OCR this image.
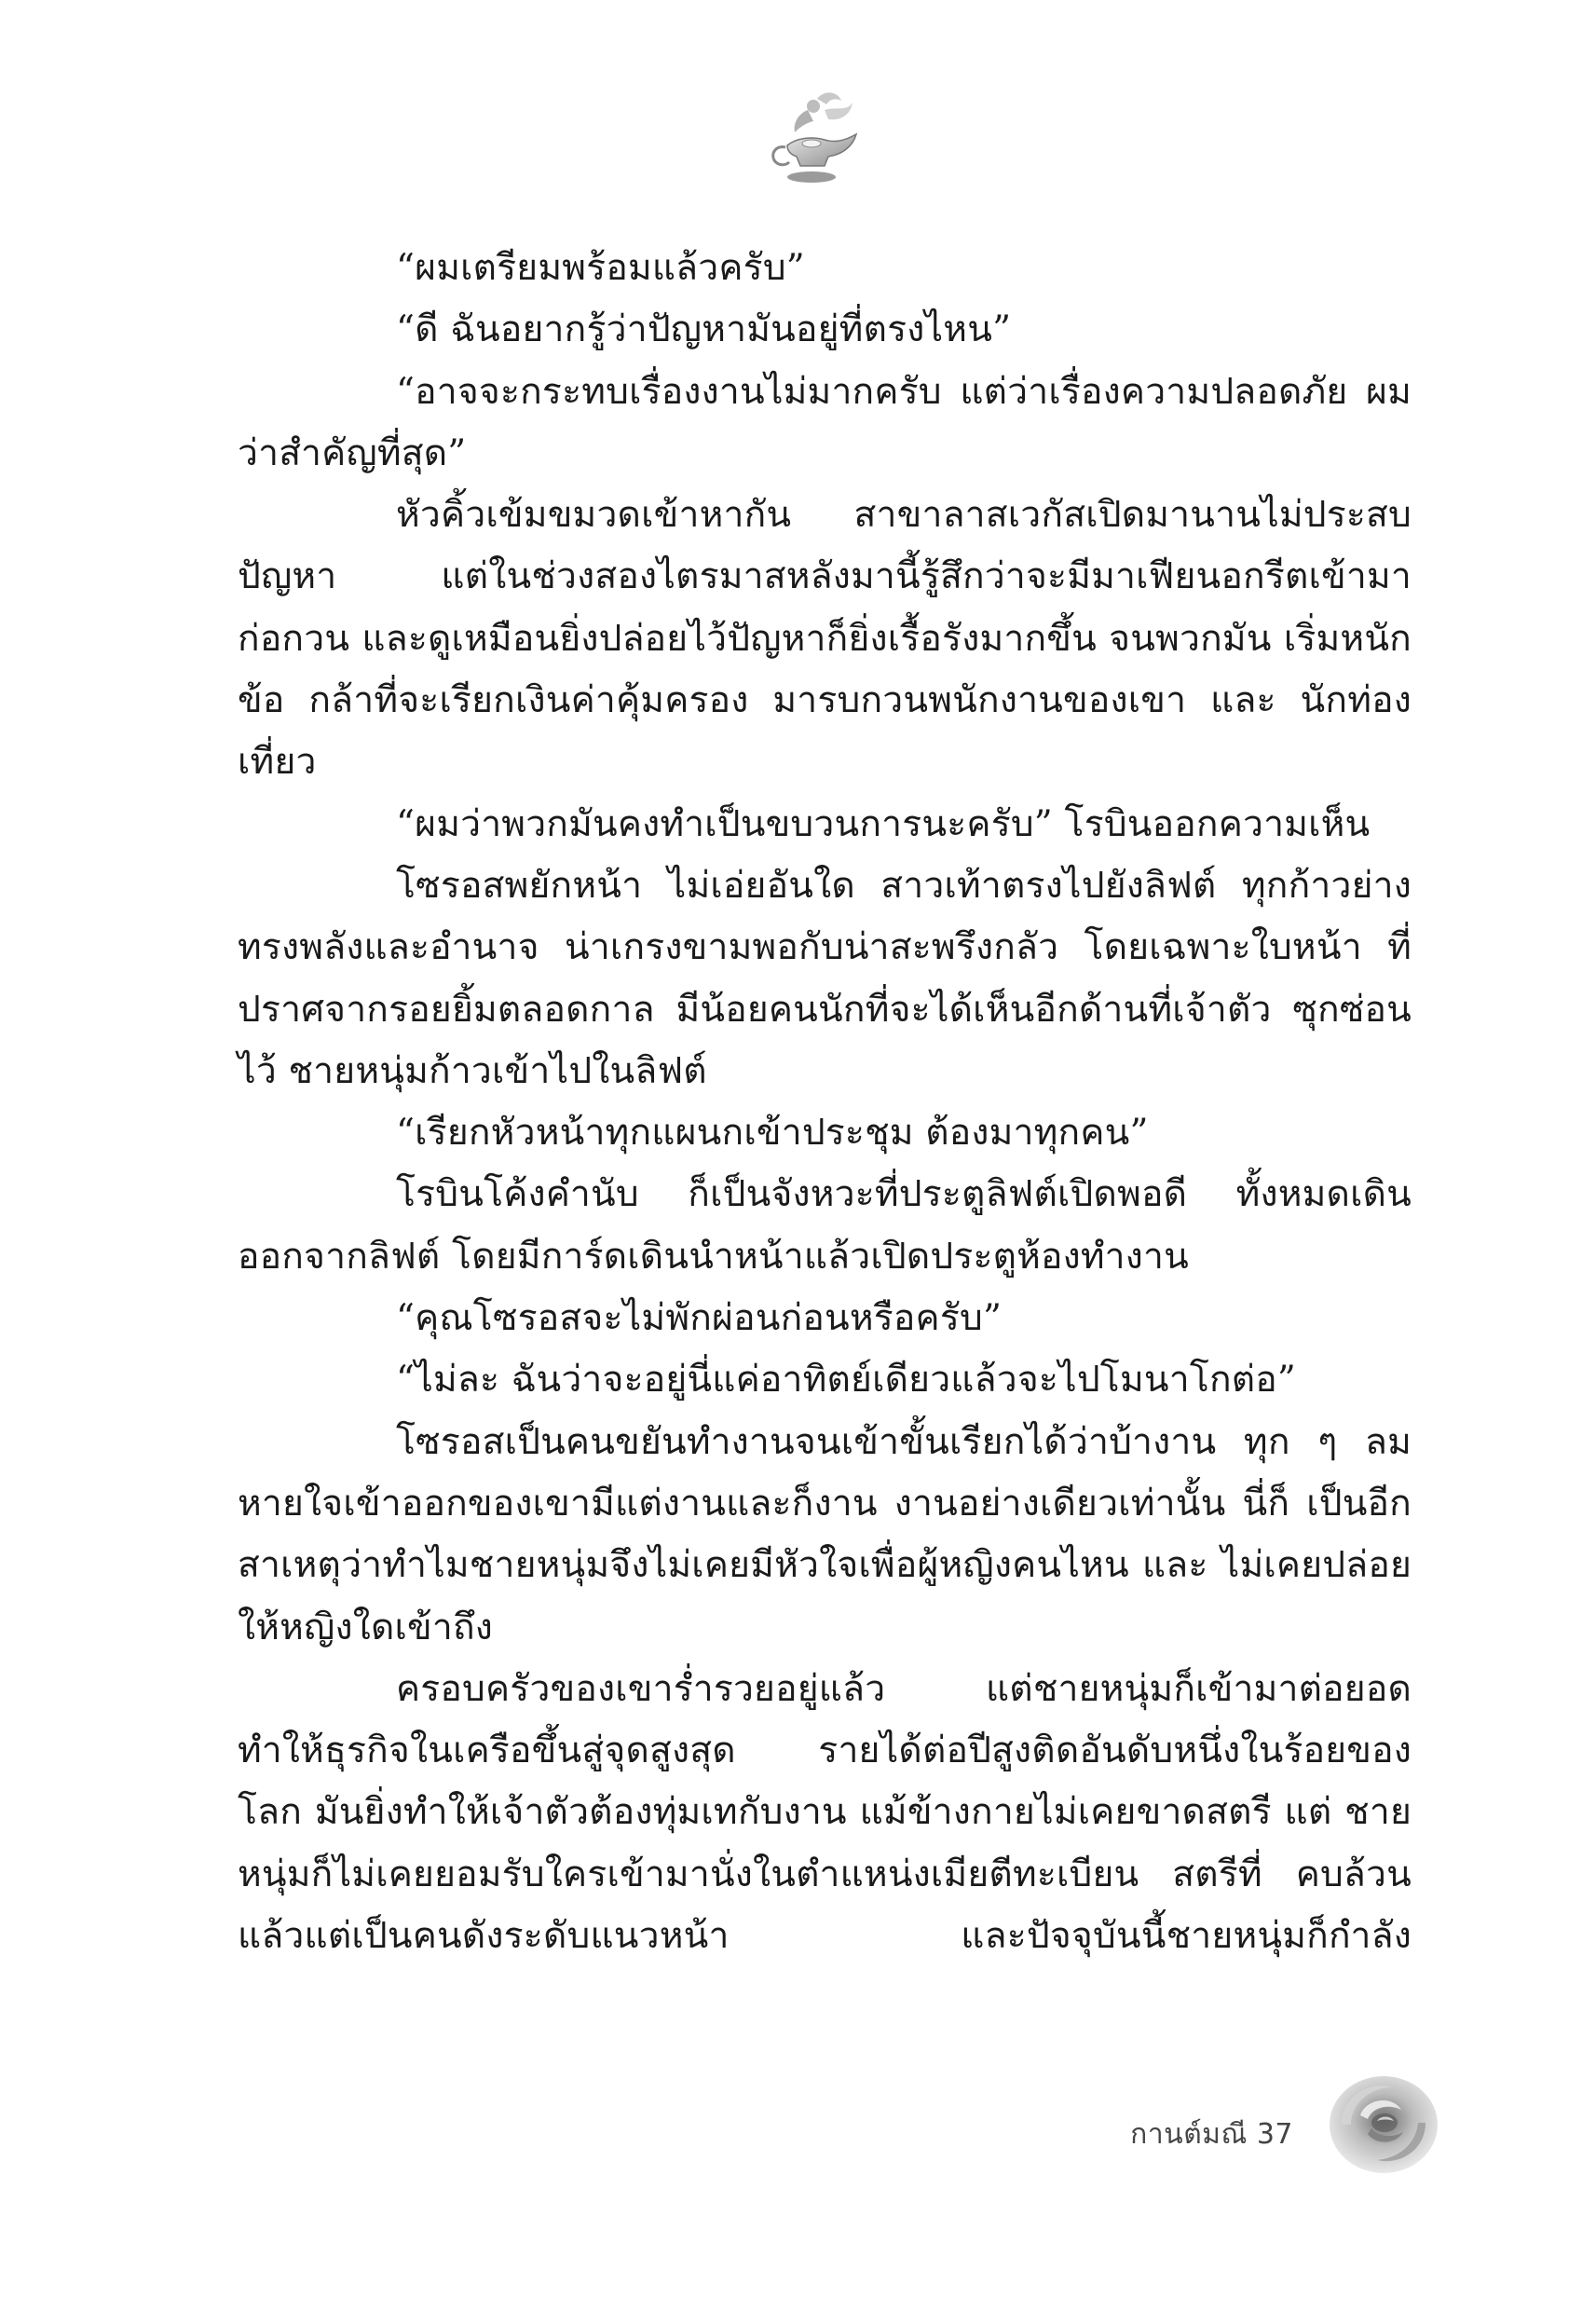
“ผมเตรียมพร้อมแล้วครับ”

“ดี ฉันอยากรู้ว่าปัญหามันอยู่ที่ตรงไหน”

“อาจจะกระทบเรื่องงานไม่มากครับ แต่ว่าเรื่องความปลอดภัย ผมว่าสำคัญที่สุด”

หัวคิ้วเข้มขมวดเข้าหากัน สาขาลาสเวกัสเปิดมานานไม่ประสบ ปัญหา แต่ในช่วงสองไตรมาสหลังมานี้รู้สึกว่าจะมีมาเฟียนอกรีตเข้ามา ก่อกวน และดูเหมือนยิ่งปล่อยไว้ปัญหาก็ยิ่งเรื้อรังมากขึ้น จนพวกมัน เริ่มหนักข้อ กล้าที่จะเรียกเงินค่าคุ้มครอง มารบกวนพนักงานของเขา และ นักท่องเที่ยว

“ผมว่าพวกมันคงทำเป็นขบวนการนะครับ” โรบินออกความเห็น

โซรอสพยักหน้า ไม่เอ่ยอันใด สาวเท้าตรงไปยังลิฟต์ ทุกก้าวย่าง ทรงพลังและอำนาจ น่าเกรงขามพอกับน่าสะพรึงกลัว โดยเฉพาะใบหน้า ที่ปราศจากรอยยิ้มตลอดกาล มีน้อยคนนักที่จะได้เห็นอีกด้านที่เจ้าตัว ซุกซ่อนไว้ ชายหนุ่มก้าวเข้าไปในลิฟต์

“เรียกหัวหน้าทุกแผนกเข้าประชุม ต้องมาทุกคน”

โรบินโค้งคำนับ ก็เป็นจังหวะที่ประตูลิฟต์เปิดพอดี ทั้งหมดเดิน ออกจากลิฟต์ โดยมีการ์ดเดินนำหน้าแล้วเปิดประตูห้องทำงาน

“คุณโซรอสจะไม่พักผ่อนก่อนหรือครับ”

“ไม่ละ ฉันว่าจะอยู่นี่แค่อาทิตย์เดียวแล้วจะไปโมนาโกต่อ”

โซรอสเป็นคนขยันทำงานจนเข้าขั้นเรียกได้ว่าบ้างาน ทุก ๆ ลมหายใจเข้าออกของเขามีแต่งานและก็งาน งานอย่างเดียวเท่านั้น นี่ก็ เป็นอีกสาเหตุว่าทำไมชายหนุ่มจึงไม่เคยมีหัวใจเพื่อผู้หญิงคนไหน และ ไม่เคยปล่อยให้หญิงใดเข้าถึง

ครอบครัวของเขาร่ำรวยอยู่แล้ว แต่ชายหนุ่มก็เข้ามาต่อยอด ทำให้ธุรกิจในเครือขึ้นสู่จุดสูงสุด รายได้ต่อปีสูงติดอันดับหนึ่งในร้อยของ โลก มันยิ่งทำให้เจ้าตัวต้องทุ่มเทกับงาน แม้ข้างกายไม่เคยขาดสตรี แต่ ชายหนุ่มก็ไม่เคยยอมรับใครเข้ามานั่งในตำแหน่งเมียตีทะเบียน สตรีที่ คบล้วนแล้วแต่เป็นคนดังระดับแนวหน้า และปัจจุบันนี้ชายหนุ่มก็กำลัง

กานต์มณี 37
